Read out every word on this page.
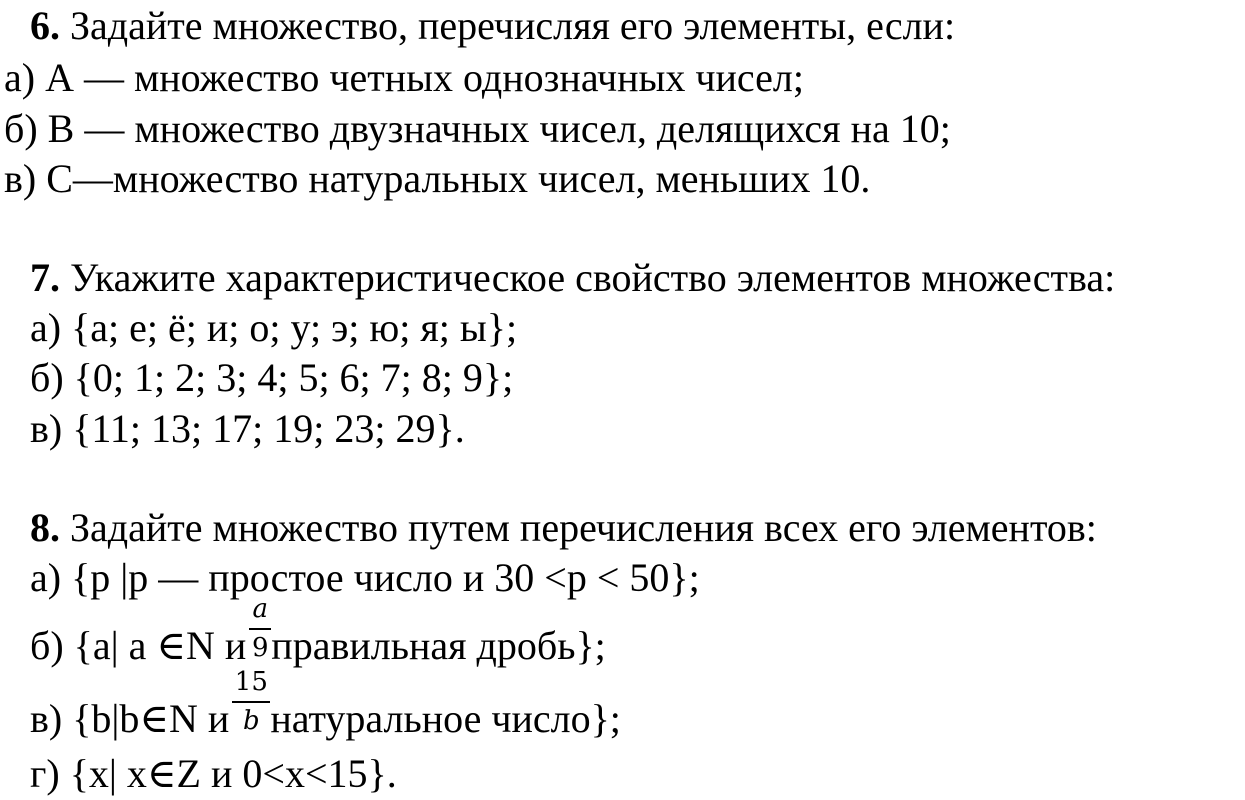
6. Задайте множество, перечисляя его элементы, если:
а) А — множество четных однозначных чисел;
б) В — множество двузначных чисел, делящихся на 10;
в) С—множество натуральных чисел, меньших 10.
7. Укажите характеристическое свойство элементов множества:
а) {а; е; ё; и; о; у; э; ю; я; ы};
б) {0; 1; 2; 3; 4; 5; 6; 7; 8; 9};
в) {11; 13; 17; 19; 23; 29}.
8. Задайте множество путем перечисления всех его элементов:
а) {p |p — простое число и 30 <p < 50};
б) {a| a ∈N и $\frac{a}{9}$ правильная дробь};
в) {b|b∈N и $\frac{15}{b}$ натуральное число};
г) {x| x∈Z и 0<x<15}.
